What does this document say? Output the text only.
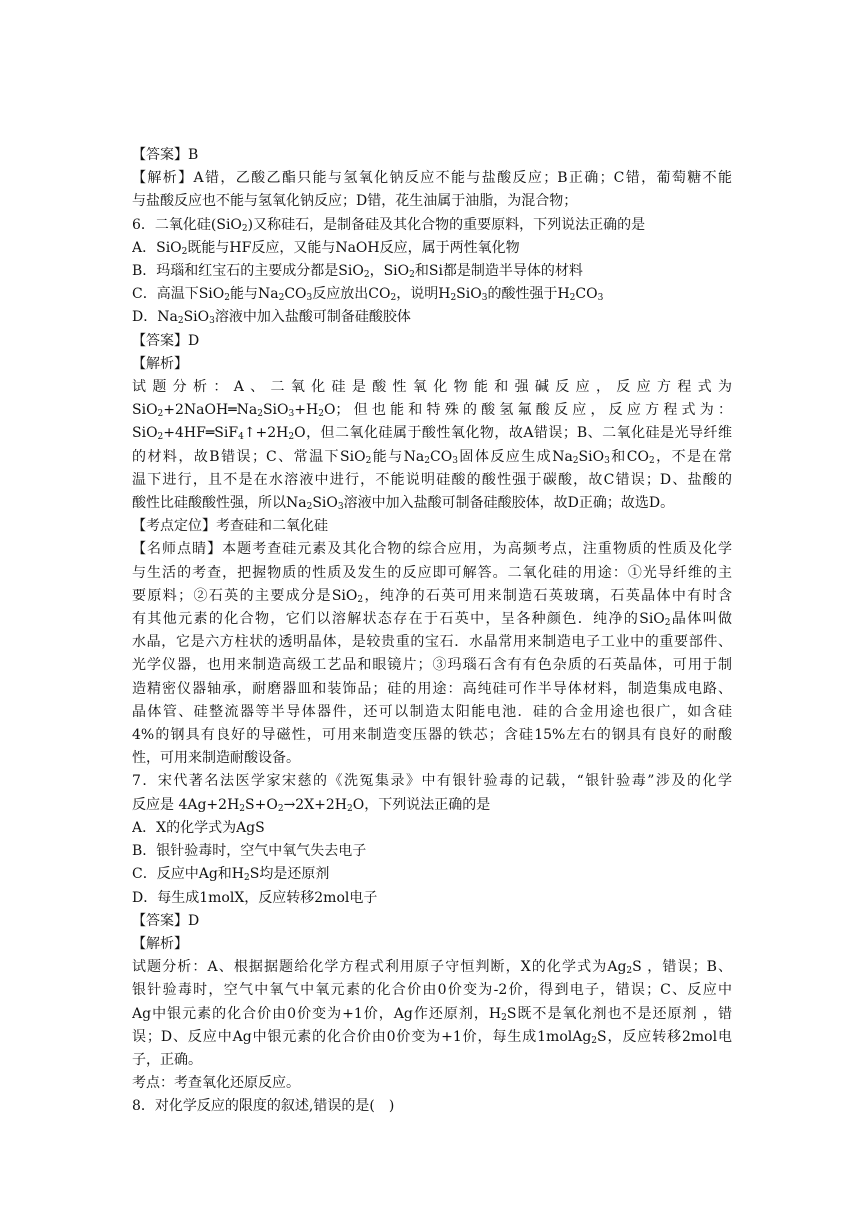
【答案】B
【解析】A错，乙酸乙酯只能与氢氧化钠反应不能与盐酸反应；B正确；C错，葡萄糖不能
与盐酸反应也不能与氢氧化钠反应；D错，花生油属于油脂，为混合物；
6．二氧化硅(SiO$_2$)又称硅石，是制备硅及其化合物的重要原料，下列说法正确的是
A．SiO$_2$既能与HF反应，又能与NaOH反应，属于两性氧化物
B．玛瑙和红宝石的主要成分都是SiO$_2$，SiO$_2$和Si都是制造半导体的材料
C．高温下SiO$_2$能与$Na_2CO_3$反应放出$CO_2$，说明$H_2SiO_3$的酸性强于$H_2CO_3$
D．$Na_2SiO_3$溶液中加入盐酸可制备硅酸胶体
【答案】D
【解析】
试题分析：A、二氧化硅是酸性氧化物能和强碱反应，反应方程式为
$SiO_2+2NaOH═Na_2SiO_3+H_2O$；但也能和特殊的酸氢氟酸反应，反应方程式为：
$SiO_2+4HF═SiF_4↑+2H_2O$，但二氧化硅属于酸性氧化物，故A错误；B、二氧化硅是光导纤维
的材料，故B错误；C、常温下SiO$_2$能与$Na_2CO_3$固体反应生成$Na_2SiO_3$和$CO_2$，不是在常
温下进行，且不是在水溶液中进行，不能说明硅酸的酸性强于碳酸，故C错误；D、盐酸的
酸性比硅酸酸性强，所以$Na_2SiO_3$溶液中加入盐酸可制备硅酸胶体，故D正确；故选D。
【考点定位】考查硅和二氧化硅
【名师点睛】本题考查硅元素及其化合物的综合应用，为高频考点，注重物质的性质及化学
与生活的考查，把握物质的性质及发生的反应即可解答。二氧化硅的用途：①光导纤维的主
要原料；②石英的主要成分是SiO$_2$，纯净的石英可用来制造石英玻璃，石英晶体中有时含
有其他元素的化合物，它们以溶解状态存在于石英中，呈各种颜色．纯净的SiO$_2$晶体叫做
水晶，它是六方柱状的透明晶体，是较贵重的宝石．水晶常用来制造电子工业中的重要部件、
光学仪器，也用来制造高级工艺品和眼镜片；③玛瑙石含有有色杂质的石英晶体，可用于制
造精密仪器轴承，耐磨器皿和装饰品；硅的用途：高纯硅可作半导体材料，制造集成电路、
晶体管、硅整流器等半导体器件，还可以制造太阳能电池．硅的合金用途也很广，如含硅
4%的钢具有良好的导磁性，可用来制造变压器的铁芯；含硅15%左右的钢具有良好的耐酸
性，可用来制造耐酸设备。
7．宋代著名法医学家宋慈的《洗冤集录》中有银针验毒的记载，“银针验毒”涉及的化学
反应是 $4Ag+2H_2S+O_2\to 2X+2H_2O$，下列说法正确的是
A．X的化学式为AgS
B．银针验毒时，空气中氧气失去电子
C．反应中Ag和$H_2S$均是还原剂
D．每生成1molX，反应转移2mol电子
【答案】D
【解析】
试题分析：A、根据据题给化学方程式利用原子守恒判断，X的化学式为$Ag_2S$ ，错误；B、
银针验毒时，空气中氧气中氧元素的化合价由0价变为-2价，得到电子，错误；C、反应中
Ag中银元素的化合价由0价变为+1价，Ag作还原剂，$H_2S$既不是氧化剂也不是还原剂 ，错
误；D、反应中Ag中银元素的化合价由0价变为+1价，每生成1molAg$_2$S，反应转移2mol电
子，正确。
考点：考查氧化还原反应。
8．对化学反应的限度的叙述,错误的是(　)
